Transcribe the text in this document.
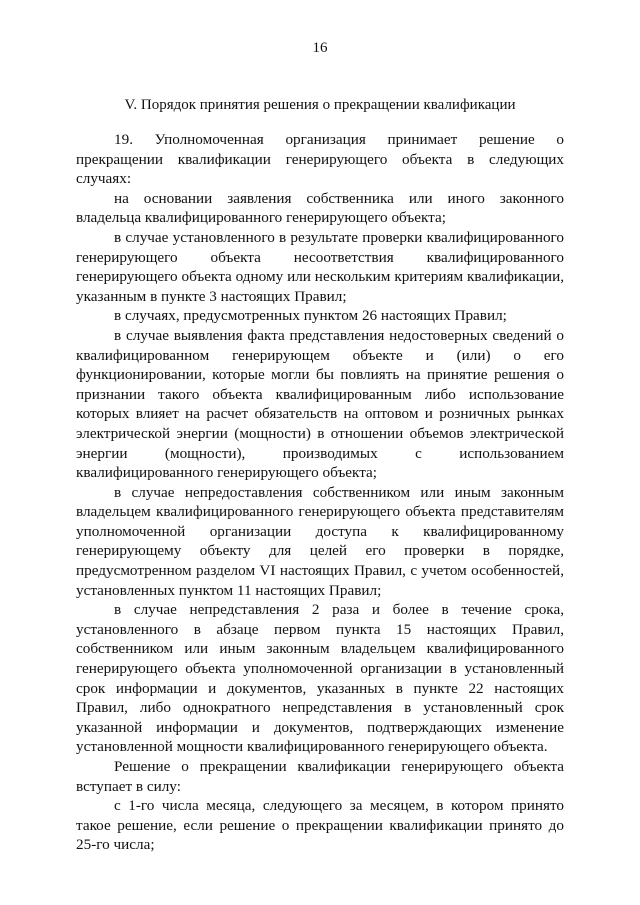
16
V. Порядок принятия решения о прекращении квалификации

19. Уполномоченная организация принимает решение о прекращении квалификации генерирующего объекта в следующих случаях:

на основании заявления собственника или иного законного владельца квалифицированного генерирующего объекта;

в случае установленного в результате проверки квалифицированного генерирующего объекта несоответствия квалифицированного генерирующего объекта одному или нескольким критериям квалификации, указанным в пункте 3 настоящих Правил;

в случаях, предусмотренных пунктом 26 настоящих Правил;

в случае выявления факта представления недостоверных сведений о квалифицированном генерирующем объекте и (или) о его функционировании, которые могли бы повлиять на принятие решения о признании такого объекта квалифицированным либо использование которых влияет на расчет обязательств на оптовом и розничных рынках электрической энергии (мощности) в отношении объемов электрической энергии (мощности), производимых с использованием квалифицированного генерирующего объекта;

в случае непредоставления собственником или иным законным владельцем квалифицированного генерирующего объекта представителям уполномоченной организации доступа к квалифицированному генерирующему объекту для целей его проверки в порядке, предусмотренном разделом VI настоящих Правил, с учетом особенностей, установленных пунктом 11 настоящих Правил;

в случае непредставления 2 раза и более в течение срока, установленного в абзаце первом пункта 15 настоящих Правил, собственником или иным законным владельцем квалифицированного генерирующего объекта уполномоченной организации в установленный срок информации и документов, указанных в пункте 22 настоящих Правил, либо однократного непредставления в установленный срок указанной информации и документов, подтверждающих изменение установленной мощности квалифицированного генерирующего объекта.

Решение о прекращении квалификации генерирующего объекта вступает в силу:

с 1-го числа месяца, следующего за месяцем, в котором принято такое решение, если решение о прекращении квалификации принято до 25-го числа;
